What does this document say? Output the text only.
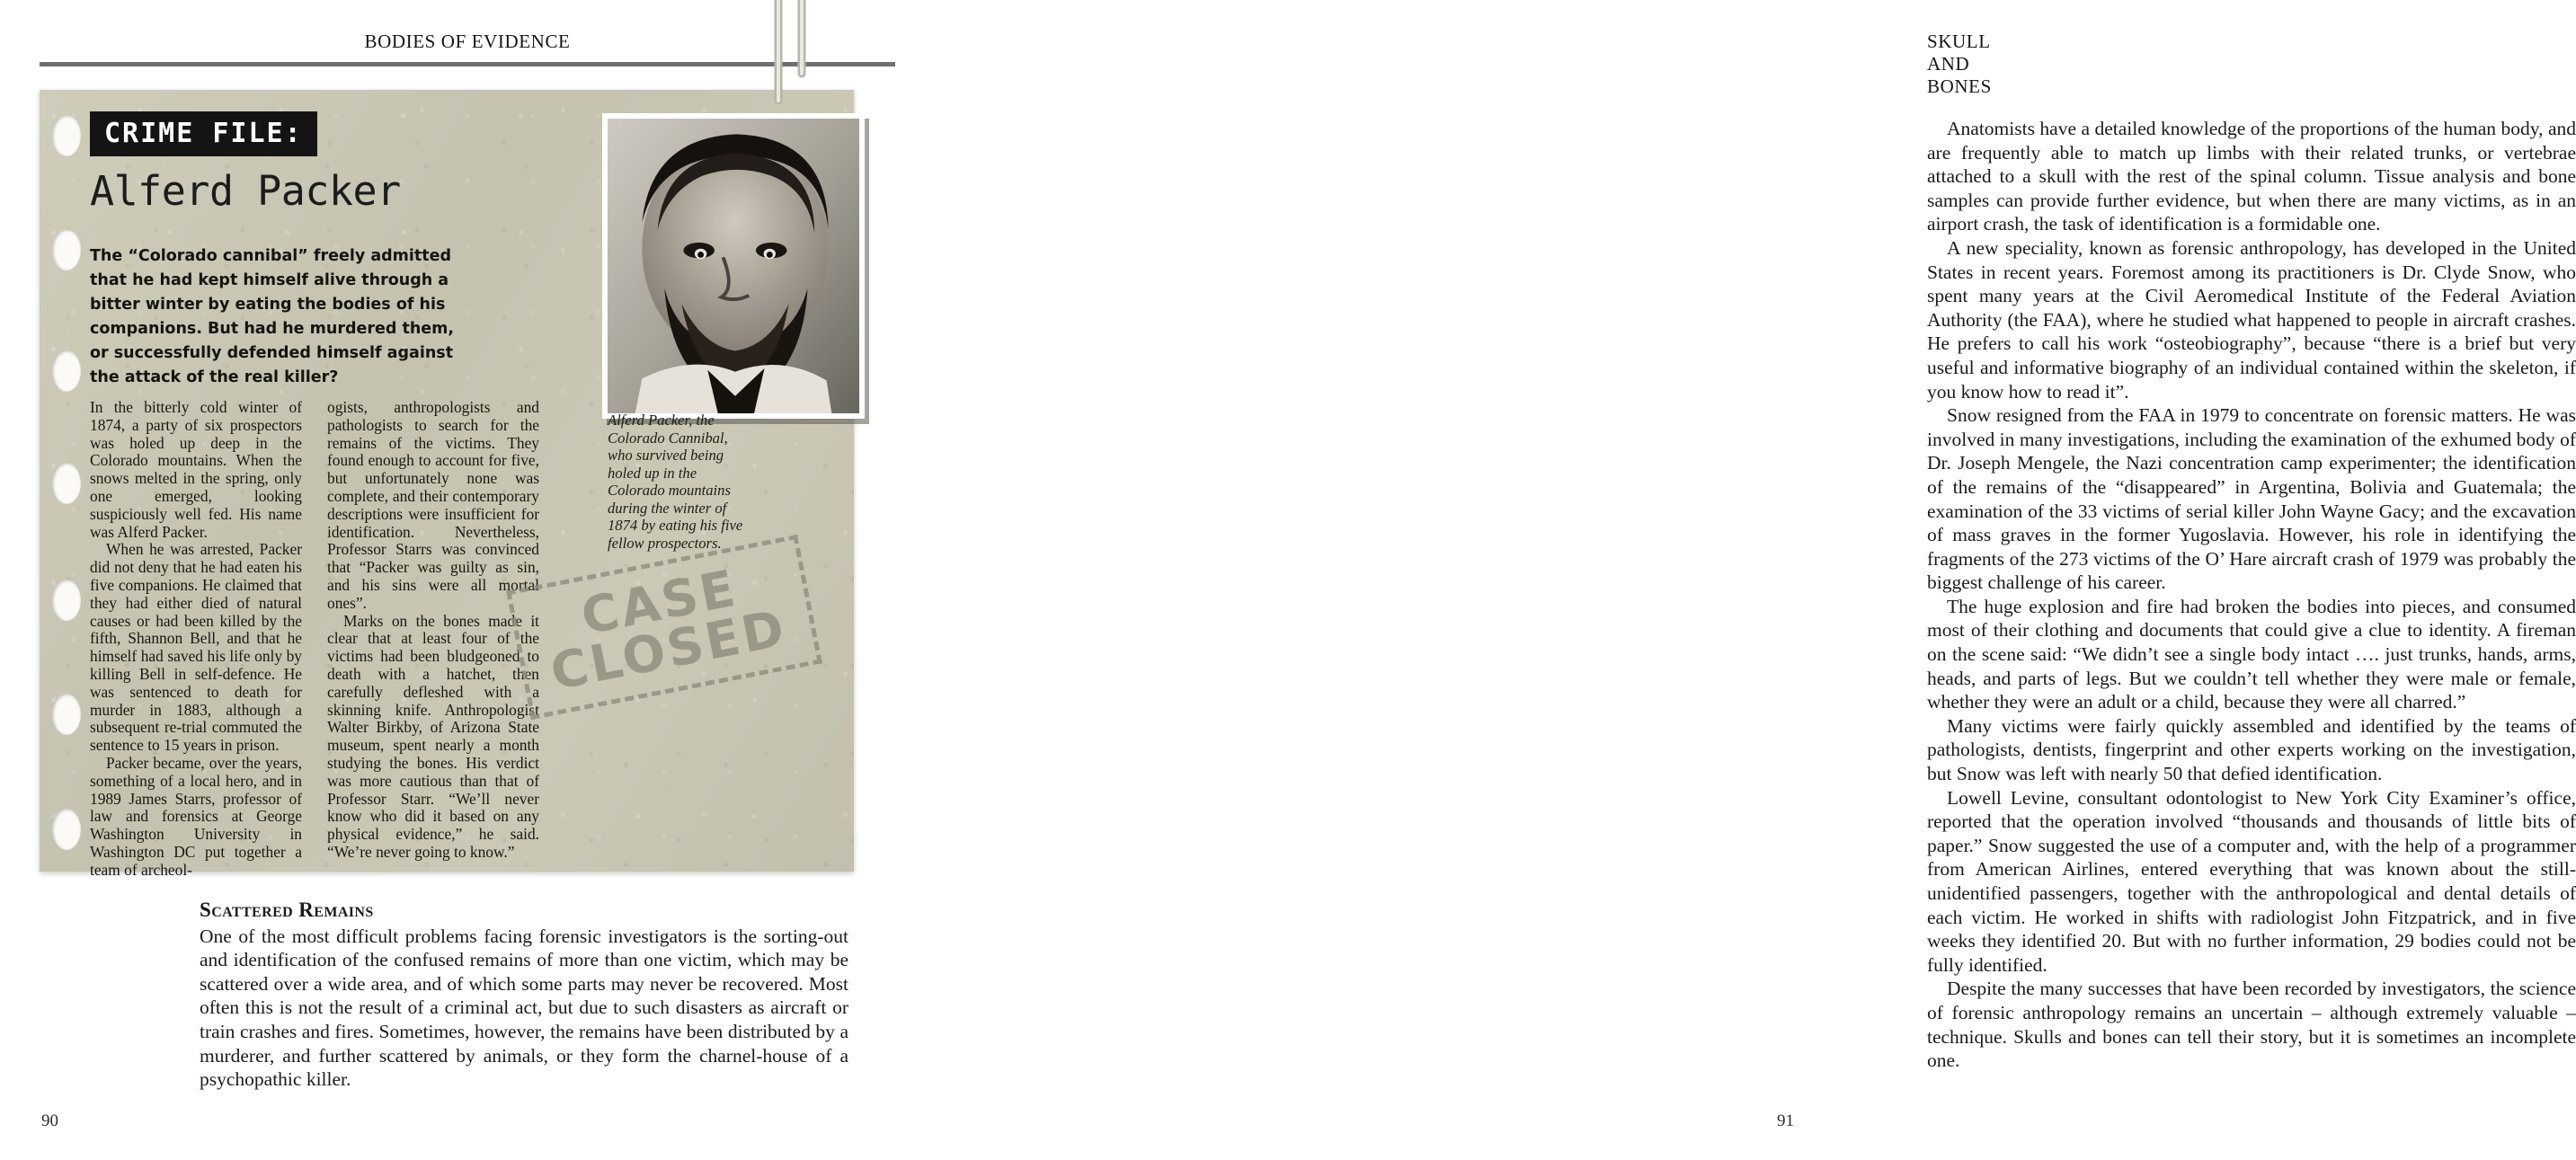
BODIES OF EVIDENCE
CRIME FILE:
Alferd Packer
The “Colorado cannibal” freely admitted that he had kept himself alive through a bitter winter by eating the bodies of his companions. But had he murdered them, or successfully defended himself against the attack of the real killer?

In the bitterly cold winter of 1874, a party of six prospectors was holed up deep in the Colorado mountains. When the snows melted in the spring, only one emerged, looking suspiciously well fed. His name was Alferd Packer.

When he was arrested, Packer did not deny that he had eaten his five companions. He claimed that they had either died of natural causes or had been killed by the fifth, Shannon Bell, and that he himself had saved his life only by killing Bell in self-defence. He was sentenced to death for murder in 1883, although a subsequent re-trial commuted the sentence to 15 years in prison.

Packer became, over the years, something of a local hero, and in 1989 James Starrs, professor of law and forensics at George Washington University in Washington DC put together a team of archeol-

ogists, anthropologists and pathologists to search for the remains of the victims. They found enough to account for five, but unfortunately none was complete, and their contemporary descriptions were insufficient for identification. Nevertheless, Professor Starrs was convinced that “Packer was guilty as sin, and his sins were all mortal ones”.

Marks on the bones made it clear that at least four of the victims had been bludgeoned to death with a hatchet, then carefully defleshed with a skinning knife. Anthropologist Walter Birkby, of Arizona State museum, spent nearly a month studying the bones. His verdict was more cautious than that of Professor Starr. “We’ll never know who did it based on any physical evidence,” he said. “We’re never going to know.”

Alferd Packer, the Colorado Cannibal, who survived being holed up in the Colorado mountains during the winter of 1874 by eating his five fellow prospectors.
CASE CLOSED
Scattered Remains

One of the most difficult problems facing forensic investigators is the sorting-out and identification of the confused remains of more than one victim, which may be scattered over a wide area, and of which some parts may never be recovered. Most often this is not the result of a criminal act, but due to such disasters as aircraft or train crashes and fires. Sometimes, however, the remains have been distributed by a murderer, and further scattered by animals, or they form the charnel-house of a psychopathic killer.

90
SKULL AND BONES

Anatomists have a detailed knowledge of the proportions of the human body, and are frequently able to match up limbs with their related trunks, or vertebrae attached to a skull with the rest of the spinal column. Tissue analysis and bone samples can provide further evidence, but when there are many victims, as in an airport crash, the task of identification is a formidable one.

A new speciality, known as forensic anthropology, has developed in the United States in recent years. Foremost among its practitioners is Dr. Clyde Snow, who spent many years at the Civil Aeromedical Institute of the Federal Aviation Authority (the FAA), where he studied what happened to people in aircraft crashes. He prefers to call his work “osteobiography”, because “there is a brief but very useful and informative biography of an individual contained within the skeleton, if you know how to read it”.

Snow resigned from the FAA in 1979 to concentrate on forensic matters. He was involved in many investigations, including the examination of the exhumed body of Dr. Joseph Mengele, the Nazi concentration camp experimenter; the identification of the remains of the “disappeared” in Argentina, Bolivia and Guatemala; the examination of the 33 victims of serial killer John Wayne Gacy; and the excavation of mass graves in the former Yugoslavia. However, his role in identifying the fragments of the 273 victims of the O’ Hare aircraft crash of 1979 was probably the biggest challenge of his career.

The huge explosion and fire had broken the bodies into pieces, and consumed most of their clothing and documents that could give a clue to identity. A fireman on the scene said: “We didn’t see a single body intact …. just trunks, hands, arms, heads, and parts of legs. But we couldn’t tell whether they were male or female, whether they were an adult or a child, because they were all charred.”

Many victims were fairly quickly assembled and identified by the teams of pathologists, dentists, fingerprint and other experts working on the investigation, but Snow was left with nearly 50 that defied identification.

Lowell Levine, consultant odontologist to New York City Examiner’s office, reported that the operation involved “thousands and thousands of little bits of paper.” Snow suggested the use of a computer and, with the help of a programmer from American Airlines, entered everything that was known about the still-unidentified passengers, together with the anthropological and dental details of each victim. He worked in shifts with radiologist John Fitzpatrick, and in five weeks they identified 20. But with no further information, 29 bodies could not be fully identified.

Despite the many successes that have been recorded by investigators, the science of forensic anthropology remains an uncertain – although extremely valuable – technique. Skulls and bones can tell their story, but it is sometimes an incomplete one.

91
